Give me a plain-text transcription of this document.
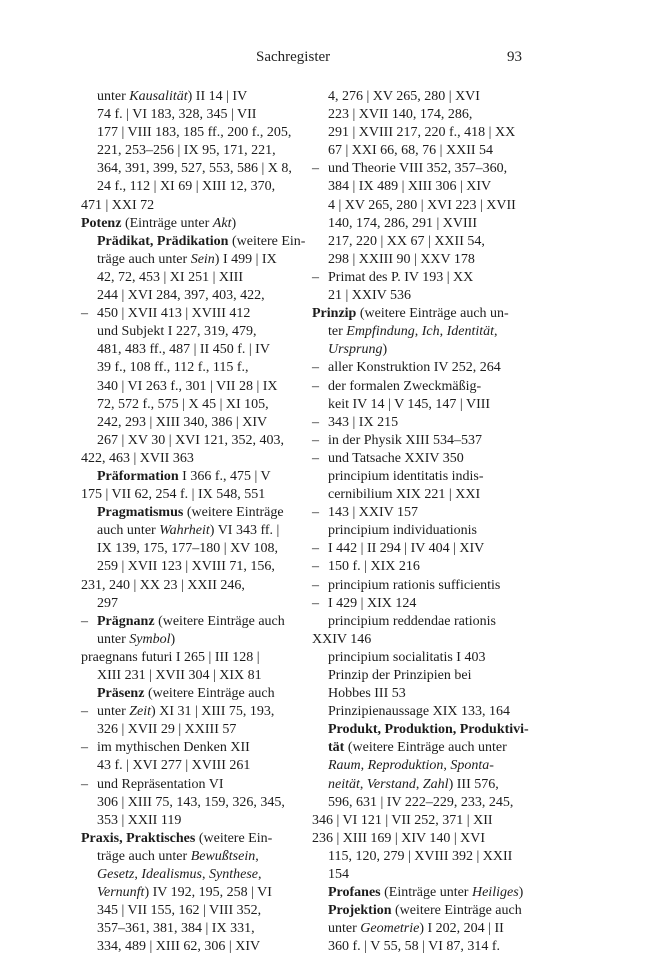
Sachregister	93
unter Kausalität) II 14 | IV
74 f. | VI 183, 328, 345 | VII
177 | VIII 183, 185 ff., 200 f., 205,
221, 253–256 | IX 95, 171, 221,
364, 391, 399, 527, 553, 586 | X 8,
24 f., 112 | XI 69 | XIII 12, 370,
471 | XXI 72
Potenz (Einträge unter Akt)
Prädikat, Prädikation (weitere Ein-
träge auch unter Sein) I 499 | IX
42, 72, 453 | XI 251 | XIII
244 | XVI 284, 397, 403, 422,
– 450 | XVII 413 | XVIII 412
und Subjekt I 227, 319, 479,
481, 483 ff., 487 | II 450 f. | IV
39 f., 108 ff., 112 f., 115 f.,
340 | VI 263 f., 301 | VII 28 | IX
72, 572 f., 575 | X 45 | XI 105,
242, 293 | XIII 340, 386 | XIV
267 | XV 30 | XVI 121, 352, 403,
422, 463 | XVII 363
Präformation I 366 f., 475 | V
175 | VII 62, 254 f. | IX 548, 551
Pragmatismus (weitere Einträge
auch unter Wahrheit) VI 343 ff. |
IX 139, 175, 177–180 | XV 108,
259 | XVII 123 | XVIII 71, 156,
231, 240 | XX 23 | XXII 246,
297
– Prägnanz (weitere Einträge auch
unter Symbol)
praegnans futuri I 265 | III 128 |
XIII 231 | XVII 304 | XIX 81
Präsenz (weitere Einträge auch
– unter Zeit) XI 31 | XIII 75, 193,
326 | XVII 29 | XXIII 57
– im mythischen Denken XII
43 f. | XVI 277 | XVIII 261
– und Repräsentation VI
306 | XIII 75, 143, 159, 326, 345,
353 | XXII 119
Praxis, Praktisches (weitere Ein-
träge auch unter Bewußtsein,
Gesetz, Idealismus, Synthese,
Vernunft) IV 192, 195, 258 | VI
345 | VII 155, 162 | VIII 352,
357–361, 381, 384 | IX 331,
334, 489 | XIII 62, 306 | XIV
4, 276 | XV 265, 280 | XVI
223 | XVII 140, 174, 286,
291 | XVIII 217, 220 f., 418 | XX
67 | XXI 66, 68, 76 | XXII 54
– und Theorie VIII 352, 357–360,
384 | IX 489 | XIII 306 | XIV
4 | XV 265, 280 | XVI 223 | XVII
140, 174, 286, 291 | XVIII
217, 220 | XX 67 | XXII 54,
298 | XXIII 90 | XXV 178
– Primat des P. IV 193 | XX
21 | XXIV 536
Prinzip (weitere Einträge auch un-
ter Empfindung, Ich, Identität,
Ursprung)
– aller Konstruktion IV 252, 264
– der formalen Zweckmäßig-
keit IV 14 | V 145, 147 | VIII
– 343 | IX 215
– in der Physik XIII 534–537
– und Tatsache XXIV 350
principium identitatis indis-
cernibilium XIX 221 | XXI
– 143 | XXIV 157
principium individuationis
– I 442 | II 294 | IV 404 | XIV
– 150 f. | XIX 216
– principium rationis sufficientis
– I 429 | XIX 124
principium reddendae rationis
XXIV 146
principium socialitatis I 403
Prinzip der Prinzipien bei
Hobbes III 53
Prinzipienaussage XIX 133, 164
Produkt, Produktion, Produktivi-
tät (weitere Einträge auch unter
Raum, Reproduktion, Sponta-
neität, Verstand, Zahl) III 576,
596, 631 | IV 222–229, 233, 245,
346 | VI 121 | VII 252, 371 | XII
236 | XIII 169 | XIV 140 | XVI
115, 120, 279 | XVIII 392 | XXII
154
Profanes (Einträge unter Heiliges)
Projektion (weitere Einträge auch
unter Geometrie) I 202, 204 | II
360 f. | V 55, 58 | VI 87, 314 f.
